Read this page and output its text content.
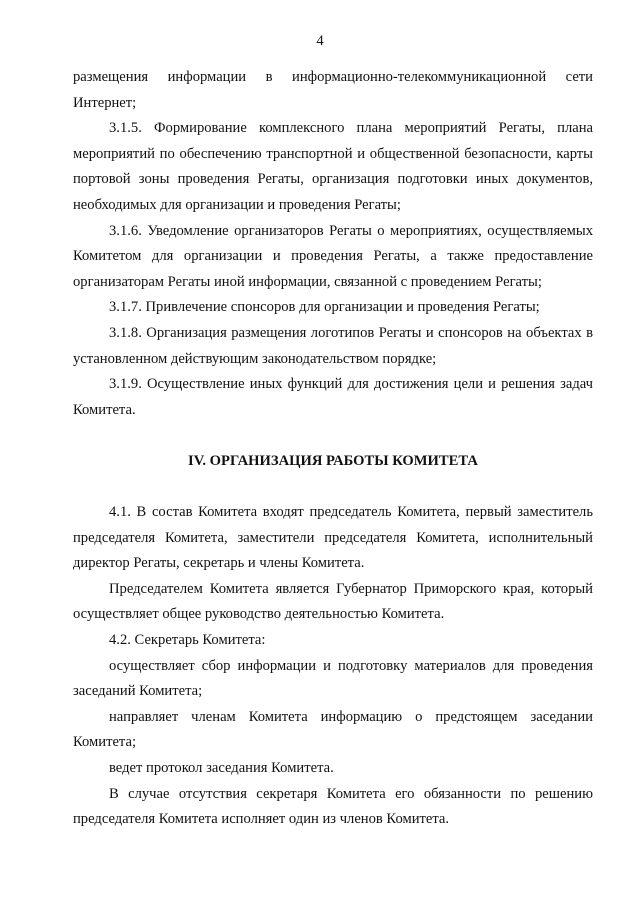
4

размещения информации в информационно-телекоммуникационной сети Интернет;

3.1.5. Формирование комплексного плана мероприятий Регаты, плана мероприятий по обеспечению транспортной и общественной безопасности, карты портовой зоны проведения Регаты, организация подготовки иных документов, необходимых для организации и проведения Регаты;

3.1.6. Уведомление организаторов Регаты о мероприятиях, осуществляемых Комитетом для организации и проведения Регаты, а также предоставление организаторам Регаты иной информации, связанной с проведением Регаты;

3.1.7. Привлечение спонсоров для организации и проведения Регаты;

3.1.8. Организация размещения логотипов Регаты и спонсоров на объектах в установленном действующим законодательством порядке;

3.1.9. Осуществление иных функций для достижения цели и решения задач Комитета.

IV. ОРГАНИЗАЦИЯ РАБОТЫ КОМИТЕТА

4.1. В состав Комитета входят председатель Комитета, первый заместитель председателя Комитета, заместители председателя Комитета, исполнительный директор Регаты, секретарь и члены Комитета.

Председателем Комитета является Губернатор Приморского края, который осуществляет общее руководство деятельностью Комитета.

4.2. Секретарь Комитета:

осуществляет сбор информации и подготовку материалов для проведения заседаний Комитета;

направляет членам Комитета информацию о предстоящем заседании Комитета;

ведет протокол заседания Комитета.

В случае отсутствия секретаря Комитета его обязанности по решению председателя Комитета исполняет один из членов Комитета.
